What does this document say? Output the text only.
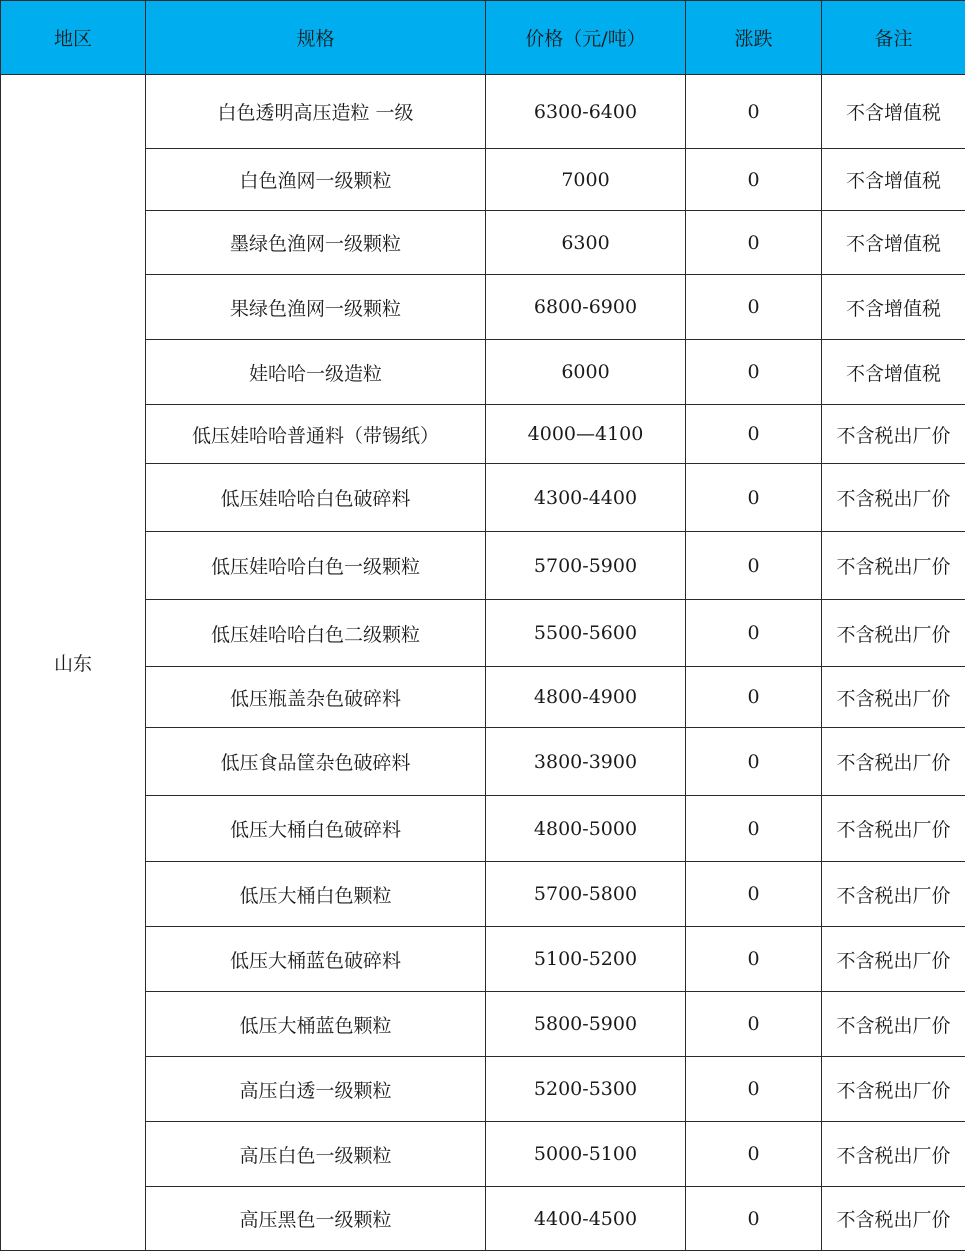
地区	规格	价格（元/吨）	涨跌	备注
山东	白色透明高压造粒 一级	6300-6400	0	不含增值税
	白色渔网一级颗粒	7000	0	不含增值税
	墨绿色渔网一级颗粒	6300	0	不含增值税
	果绿色渔网一级颗粒	6800-6900	0	不含增值税
	娃哈哈一级造粒	6000	0	不含增值税
	低压娃哈哈普通料（带锡纸）	4000—4100	0	不含税出厂价
	低压娃哈哈白色破碎料	4300-4400	0	不含税出厂价
	低压娃哈哈白色一级颗粒	5700-5900	0	不含税出厂价
	低压娃哈哈白色二级颗粒	5500-5600	0	不含税出厂价
	低压瓶盖杂色破碎料	4800-4900	0	不含税出厂价
	低压食品筐杂色破碎料	3800-3900	0	不含税出厂价
	低压大桶白色破碎料	4800-5000	0	不含税出厂价
	低压大桶白色颗粒	5700-5800	0	不含税出厂价
	低压大桶蓝色破碎料	5100-5200	0	不含税出厂价
	低压大桶蓝色颗粒	5800-5900	0	不含税出厂价
	高压白透一级颗粒	5200-5300	0	不含税出厂价
	高压白色一级颗粒	5000-5100	0	不含税出厂价
	高压黑色一级颗粒	4400-4500	0	不含税出厂价
